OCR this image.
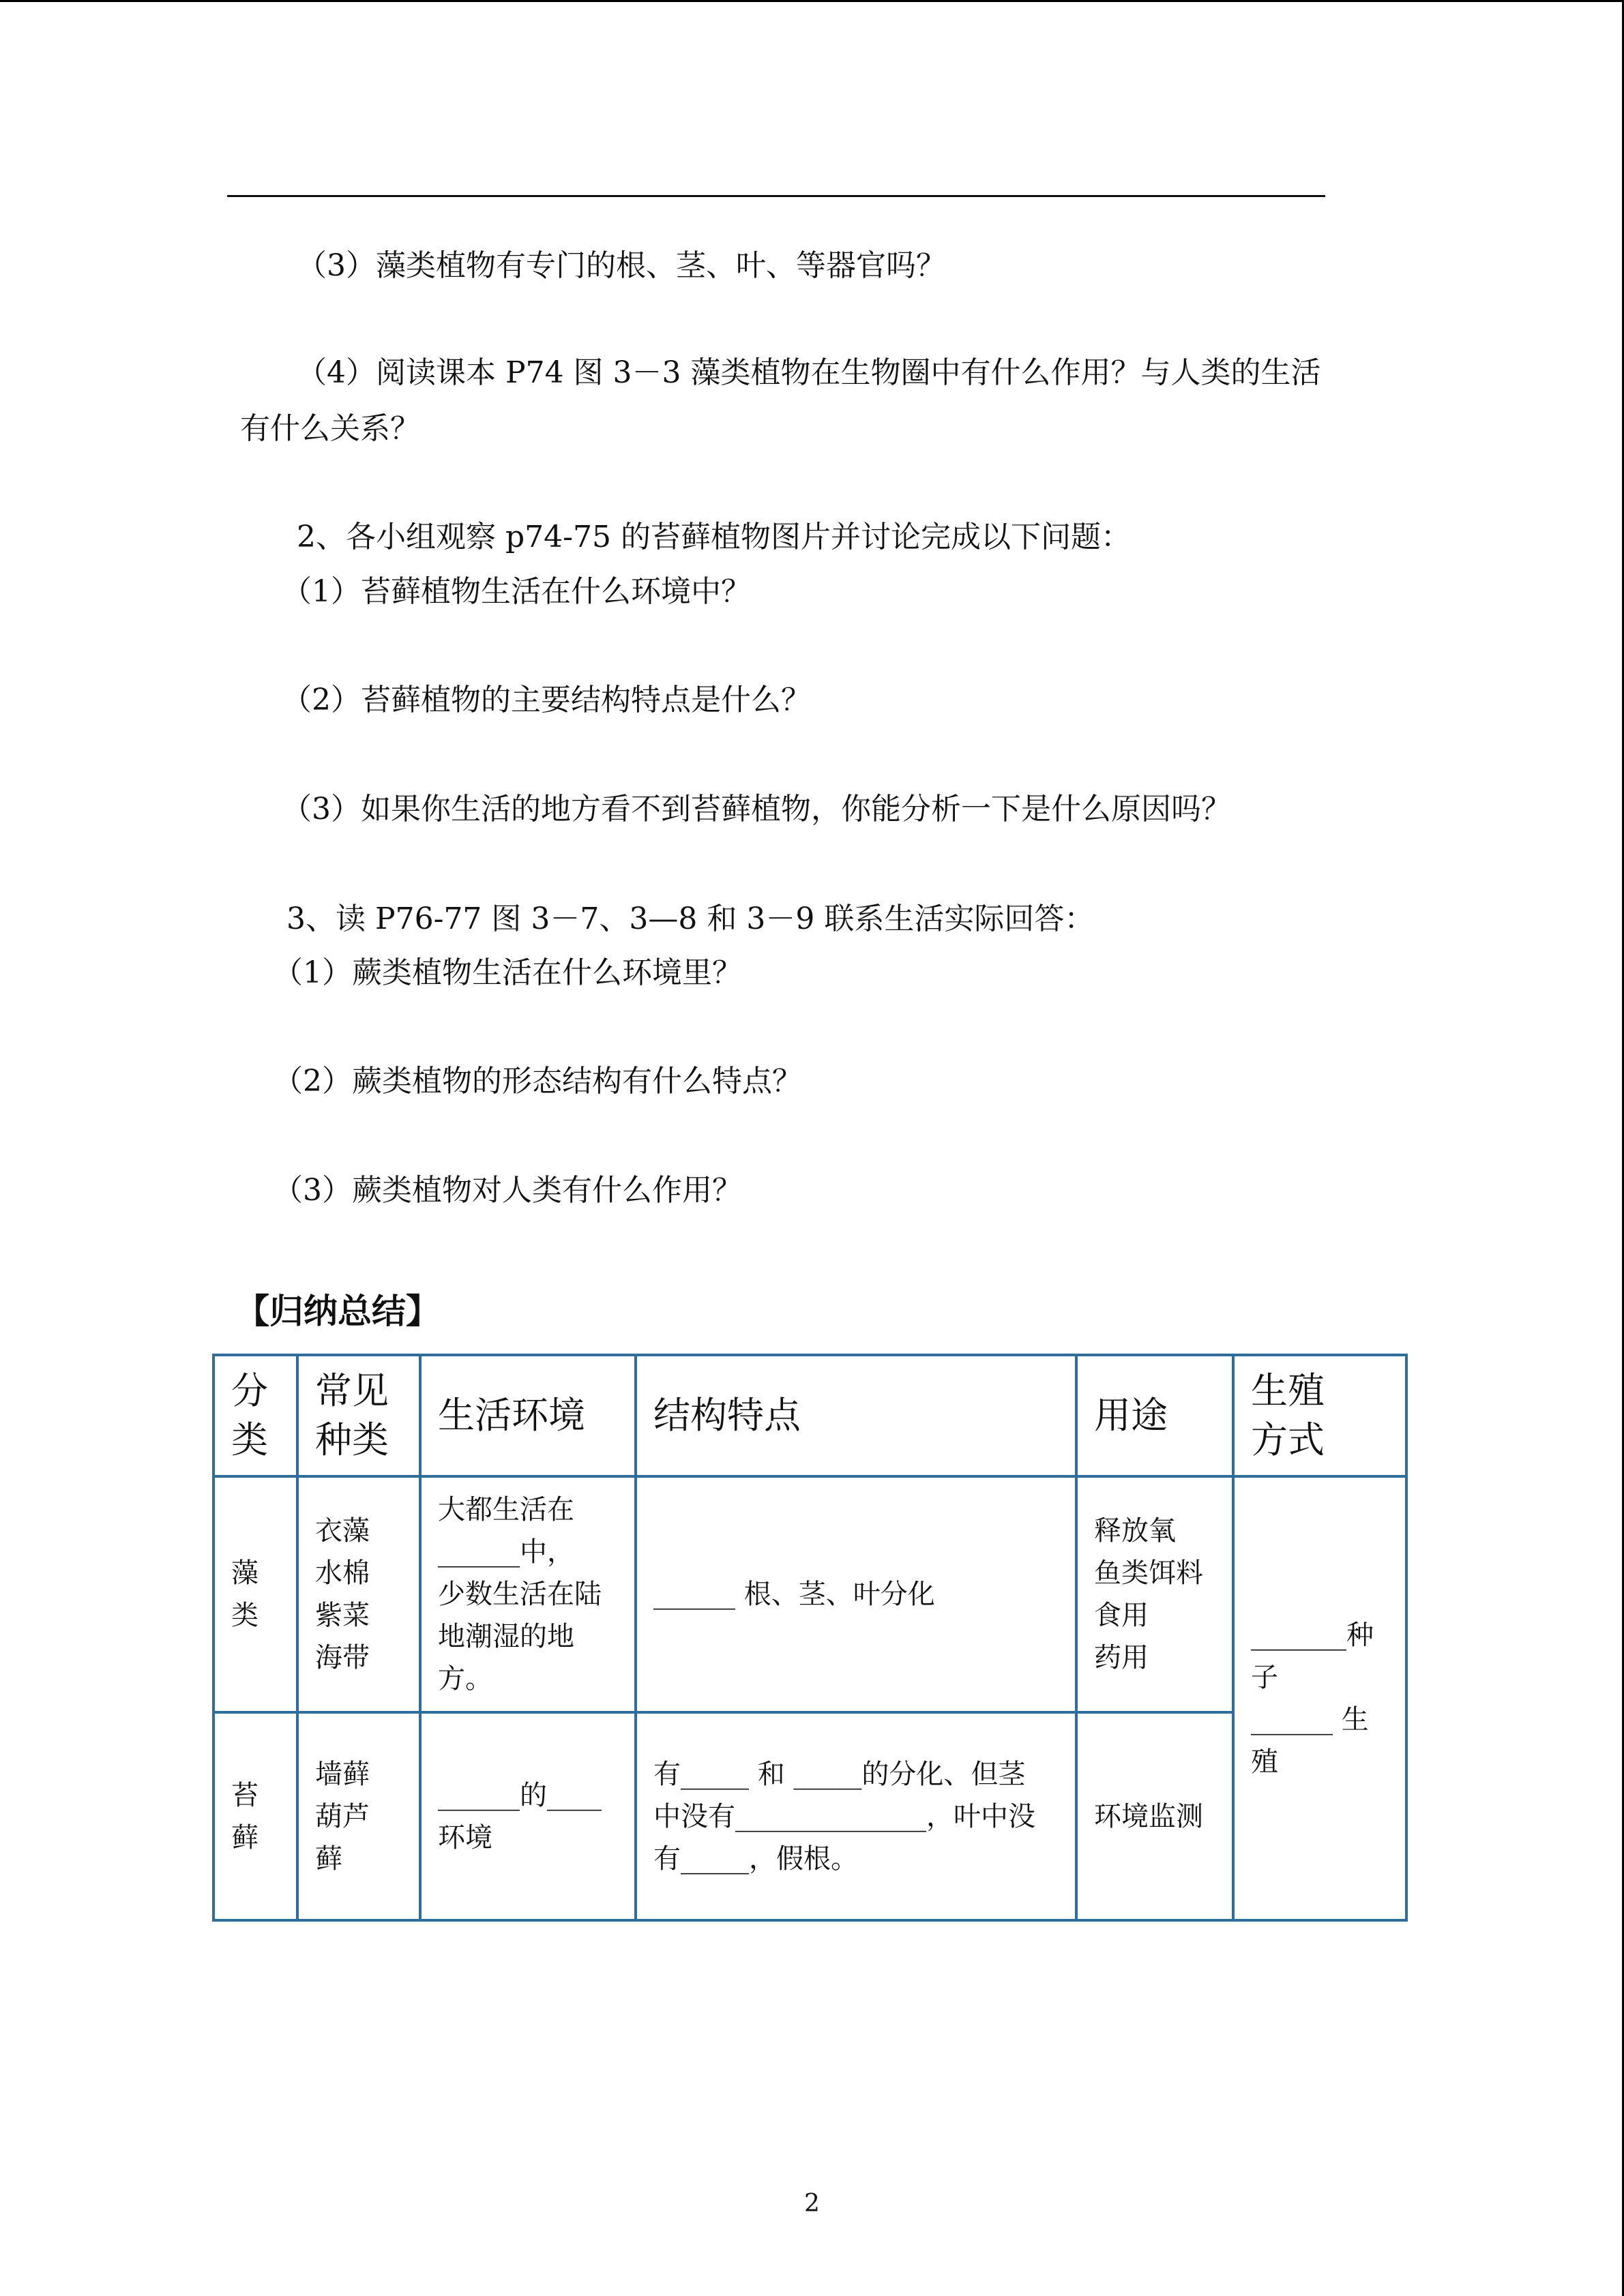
（3）藻类植物有专门的根、茎、叶、等器官吗？
（4）阅读课本 P74 图 3－3 藻类植物在生物圈中有什么作用？与人类的生活
有什么关系？
2、各小组观察 p74-75 的苔藓植物图片并讨论完成以下问题：
（1）苔藓植物生活在什么环境中？
（2）苔藓植物的主要结构特点是什么？
（3）如果你生活的地方看不到苔藓植物，你能分析一下是什么原因吗？
3、读 P76-77 图 3－7、3—8 和 3－9 联系生活实际回答：
（1）蕨类植物生活在什么环境里？
（2）蕨类植物的形态结构有什么特点？
（3）蕨类植物对人类有什么作用？
【归纳总结】
分
类	常见
种类	生活环境	结构特点	用途	生殖
方式

藻
类	衣藻
水棉
紫菜
海带	大都生活在
______中，
少数生活在陆
地潮湿的地
方。	______ 根、茎、叶分化	释放氧
鱼类饵料
食用
药用	_______种
子
______ 生
殖

苔
藓	墙藓
葫芦
藓	______的____
环境	有_____ 和 _____的分化、但茎
中没有______________，叶中没
有_____，假根。	环境监测	
2
